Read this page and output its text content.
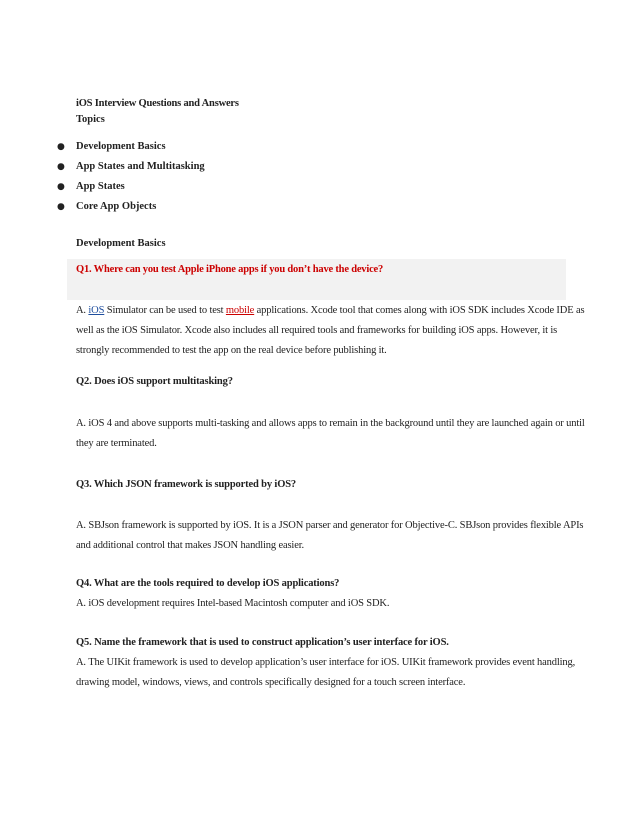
iOS Interview Questions and Answers
Topics
● Development Basics
● App States and Multitasking
● App States
● Core App Objects
Development Basics
Q1. Where can you test Apple iPhone apps if you don’t have the device?
A. iOS Simulator can be used to test mobile applications. Xcode tool that comes along with iOS SDK includes Xcode IDE as
well as the iOS Simulator. Xcode also includes all required tools and frameworks for building iOS apps. However, it is
strongly recommended to test the app on the real device before publishing it.
Q2. Does iOS support multitasking?
A. iOS 4 and above supports multi-tasking and allows apps to remain in the background until they are launched again or until
they are terminated.
Q3. Which JSON framework is supported by iOS?
A. SBJson framework is supported by iOS. It is a JSON parser and generator for Objective-C. SBJson provides flexible APIs
and additional control that makes JSON handling easier.
Q4. What are the tools required to develop iOS applications?
A. iOS development requires Intel-based Macintosh computer and iOS SDK.
Q5. Name the framework that is used to construct application’s user interface for iOS.
A. The UIKit framework is used to develop application’s user interface for iOS. UIKit framework provides event handling,
drawing model, windows, views, and controls specifically designed for a touch screen interface.
